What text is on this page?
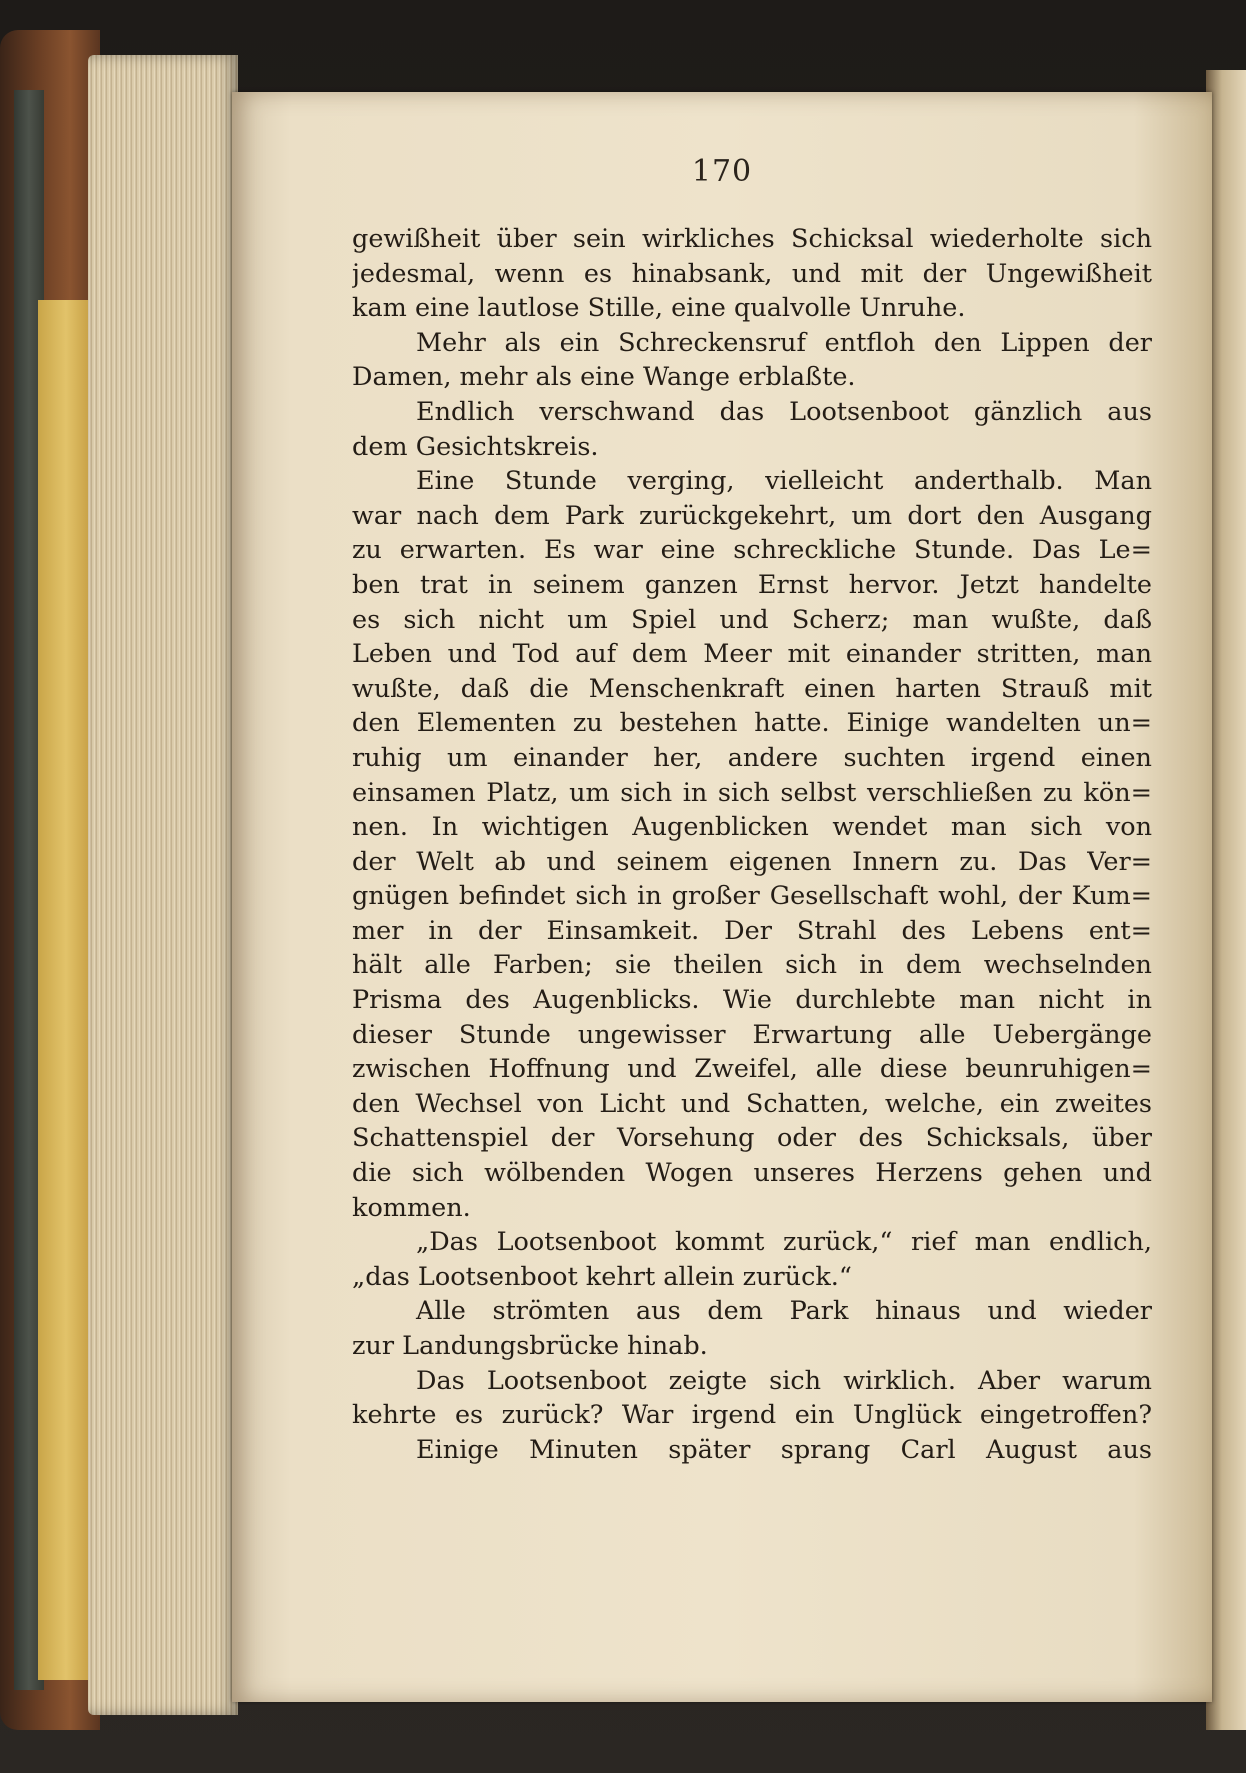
170
gewißheit über sein wirkliches Schicksal wiederholte sich
jedesmal, wenn es hinabsank, und mit der Ungewißheit
kam eine lautlose Stille, eine qualvolle Unruhe.
Mehr als ein Schreckensruf entfloh den Lippen der
Damen, mehr als eine Wange erblaßte.
Endlich verschwand das Lootsenboot gänzlich aus
dem Gesichtskreis.
Eine Stunde verging, vielleicht anderthalb. Man
war nach dem Park zurückgekehrt, um dort den Ausgang
zu erwarten. Es war eine schreckliche Stunde. Das Le=
ben trat in seinem ganzen Ernst hervor. Jetzt handelte
es sich nicht um Spiel und Scherz; man wußte, daß
Leben und Tod auf dem Meer mit einander stritten, man
wußte, daß die Menschenkraft einen harten Strauß mit
den Elementen zu bestehen hatte. Einige wandelten un=
ruhig um einander her, andere suchten irgend einen
einsamen Platz, um sich in sich selbst verschließen zu kön=
nen. In wichtigen Augenblicken wendet man sich von
der Welt ab und seinem eigenen Innern zu. Das Ver=
gnügen befindet sich in großer Gesellschaft wohl, der Kum=
mer in der Einsamkeit. Der Strahl des Lebens ent=
hält alle Farben; sie theilen sich in dem wechselnden
Prisma des Augenblicks. Wie durchlebte man nicht in
dieser Stunde ungewisser Erwartung alle Uebergänge
zwischen Hoffnung und Zweifel, alle diese beunruhigen=
den Wechsel von Licht und Schatten, welche, ein zweites
Schattenspiel der Vorsehung oder des Schicksals, über
die sich wölbenden Wogen unseres Herzens gehen und
kommen.
„Das Lootsenboot kommt zurück,“ rief man endlich,
„das Lootsenboot kehrt allein zurück.“
Alle strömten aus dem Park hinaus und wieder
zur Landungsbrücke hinab.
Das Lootsenboot zeigte sich wirklich. Aber warum
kehrte es zurück? War irgend ein Unglück eingetroffen?
Einige Minuten später sprang Carl August aus
